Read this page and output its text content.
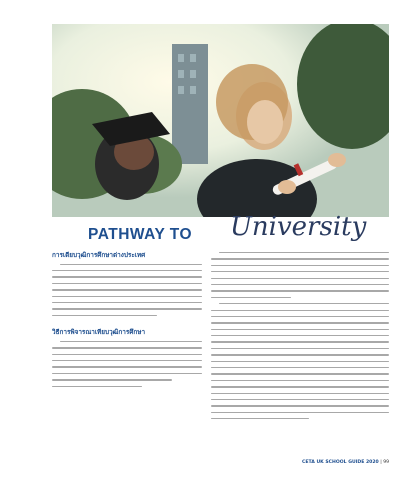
PATHWAY TO University
การเตียบวุฒิการศึกษาต่างประเทศ
วิธีการพิจารณาเทียบวุฒิการศึกษา
CETA UK SCHOOL GUIDE 2020 | 99
